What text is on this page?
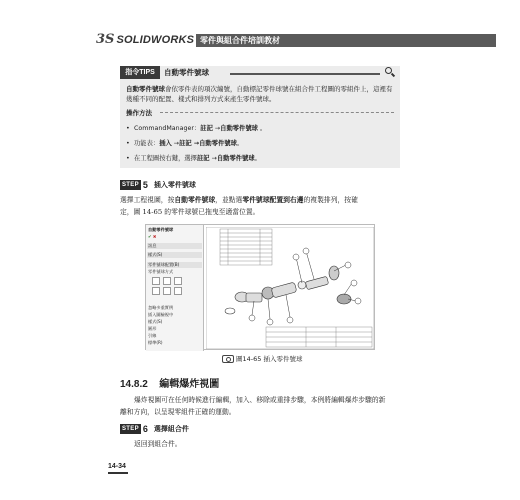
3S SOLIDWORKS 零件與組合件培訓教材
指令TIPS	自動零件號球
自動零件號球會依零件表的項次編號，自動標記零件球號在組合件工程圖的零組件上，這裡有幾種不同的配置、樣式和排列方式來產生零件號球。
操作方法
• CommandManager：註記 →自動零件號球 。
• 功能表：插入 →註記 →自動零件號球。
• 在工程圖按右鍵，選擇註記 →自動零件號球。
STEP 5 插入零件號球
選擇工程視圖，按自動零件號球，並點選零件號球配置到右邊的複製排列，按確
定，圖 14-65 的零件球號已拖曳至適當位置。
自動零件號球
✔ ✖
訊息
樣式(S)
零件號球配置(B)
零件號球方式
忽略多重實例
插入圖檢視中
樣式(S)
圓形
引線
標準(R)
圖14-65 插入零件號球
14.8.2 編輯爆炸視圖
爆炸視圖可在任何時候進行編輯，加入、移除或重排步驟，本例將編輯爆炸步驟的新
離和方向，以呈現零組件正確的運動。
STEP 6 選擇組合件
返回到組合件。
14-34
